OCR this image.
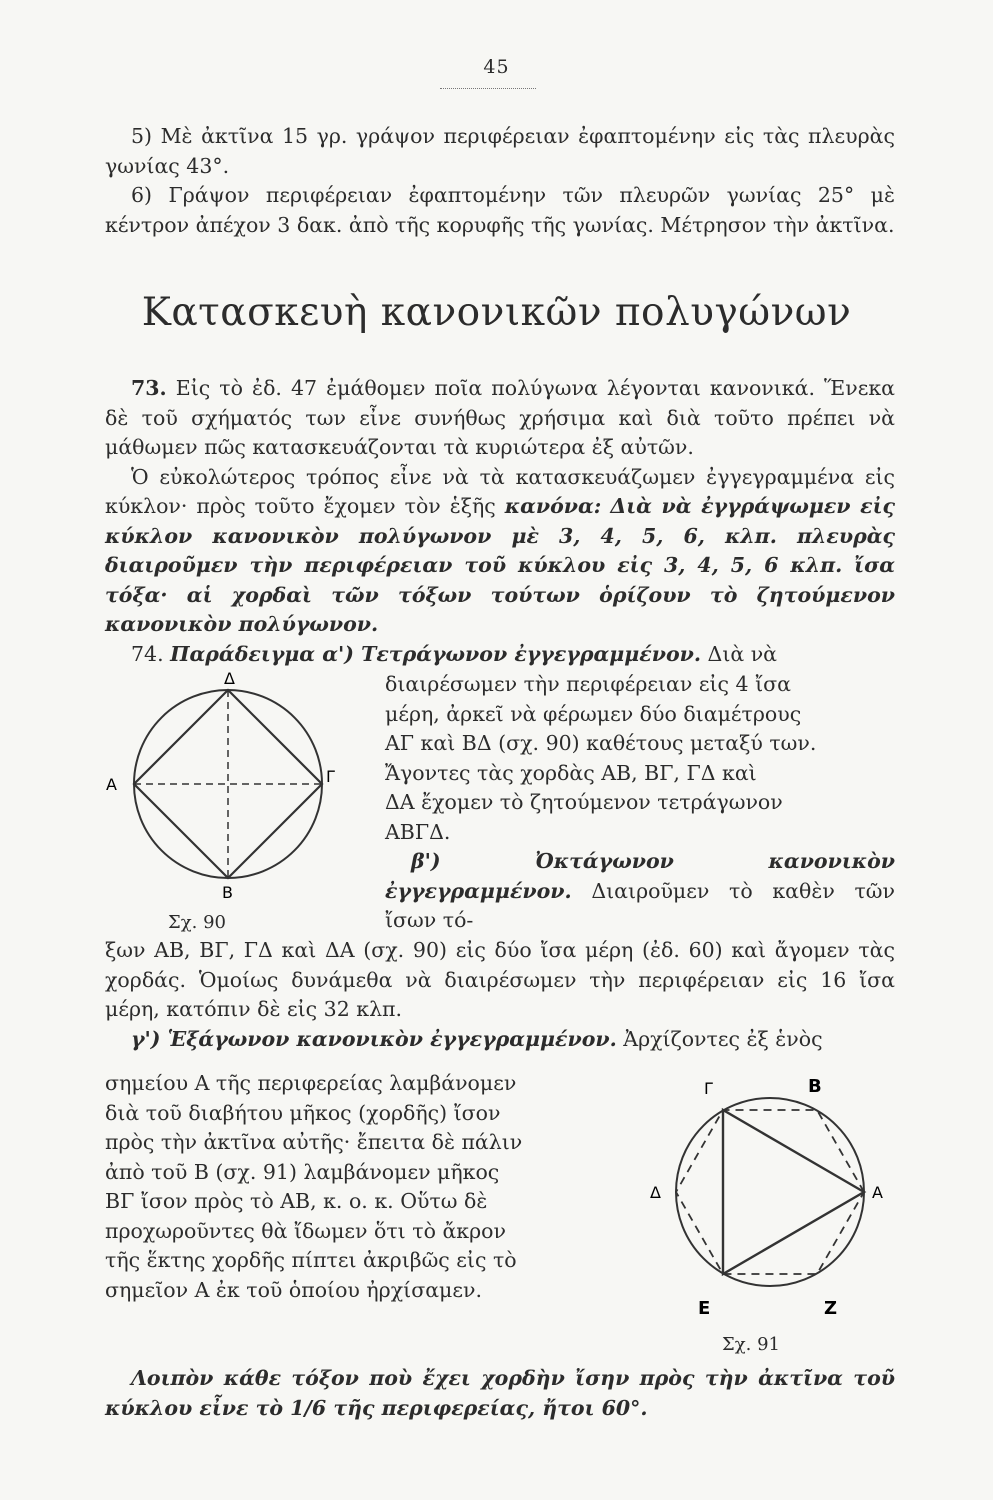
45

5) Μὲ ἀκτῖνα 15 γρ. γράψον περιφέρειαν ἐφαπτομένην εἰς τὰς πλευρὰς γωνίας 43°.

6) Γράψον περιφέρειαν ἐφαπτομένην τῶν πλευρῶν γωνίας 25° μὲ κέντρον ἀπέχον 3 δακ. ἀπὸ τῆς κορυφῆς τῆς γωνίας. Μέτρησον τὴν ἀκτῖνα.

Κατασκευὴ κανονικῶν πολυγώνων

73. Εἰς τὸ ἐδ. 47 ἐμάθομεν ποῖα πολύγωνα λέγονται κανονικά. Ἕνεκα δὲ τοῦ σχήματός των εἶνε συνήθως χρήσιμα καὶ διὰ τοῦτο πρέπει νὰ μάθωμεν πῶς κατασκευάζονται τὰ κυριώτερα ἐξ αὐτῶν.

Ὁ εὐκολώτερος τρόπος εἶνε νὰ τὰ κατασκευάζωμεν ἐγγεγραμμένα εἰς κύκλον· πρὸς τοῦτο ἔχομεν τὸν ἑξῆς κανόνα: Διὰ νὰ ἐγγράψωμεν εἰς κύκλον κανονικὸν πολύγωνον μὲ 3, 4, 5, 6, κλπ. πλευρὰς διαιροῦμεν τὴν περιφέρειαν τοῦ κύκλου εἰς 3, 4, 5, 6 κλπ. ἴσα τόξα· αἱ χορδαὶ τῶν τόξων τούτων ὁρίζουν τὸ ζητούμενον κανονικὸν πολύγωνον.

74. Παράδειγμα α') Τετράγωνον ἐγγεγραμμένον. Διὰ νὰ

διαιρέσωμεν τὴν περιφέρειαν εἰς 4 ἴσα

μέρη, ἀρκεῖ νὰ φέρωμεν δύο διαμέτρους

ΑΓ καὶ ΒΔ (σχ. 90) καθέτους μεταξύ των.

Ἄγοντες τὰς χορδὰς ΑΒ, ΒΓ, ΓΔ καὶ

ΔΑ ἔχομεν τὸ ζητούμενον τετράγωνον

ΑΒΓΔ.

β') Ὀκτάγωνον κανονικὸν ἐγγεγραμμένον. Διαιροῦμεν τὸ καθὲν τῶν ἴσων τό-

Δ
Α	Γ
Β
Σχ. 90

ξων ΑΒ, ΒΓ, ΓΔ καὶ ΔΑ (σχ. 90) εἰς δύο ἴσα μέρη (ἐδ. 60) καὶ ἄγομεν τὰς χορδάς. Ὁμοίως δυνάμεθα νὰ διαιρέσωμεν τὴν περιφέρειαν εἰς 16 ἴσα μέρη, κατόπιν δὲ εἰς 32 κλπ.

γ') Ἑξάγωνον κανονικὸν ἐγγεγραμμένον. Ἀρχίζοντες ἐξ ἑνὸς

σημείου Α τῆς περιφερείας λαμβάνομεν

διὰ τοῦ διαβήτου μῆκος (χορδῆς) ἴσον

πρὸς τὴν ἀκτῖνα αὐτῆς· ἔπειτα δὲ πάλιν

ἀπὸ τοῦ Β (σχ. 91) λαμβάνομεν μῆκος

ΒΓ ἴσον πρὸς τὸ ΑΒ, κ. ο. κ. Οὕτω δὲ

προχωροῦντες θὰ ἴδωμεν ὅτι τὸ ἄκρον

τῆς ἕκτης χορδῆς πίπτει ἀκριβῶς εἰς τὸ

σημεῖον Α ἐκ τοῦ ὁποίου ἠρχίσαμεν.

Β
Γ
Α
Δ
Ε	Ζ
Σχ. 91

Λοιπὸν κάθε τόξον ποὺ ἔχει χορδὴν ἴσην πρὸς τὴν ἀκτῖνα τοῦ κύκλου εἶνε τὸ 1/6 τῆς περιφερείας, ἤτοι 60°.
